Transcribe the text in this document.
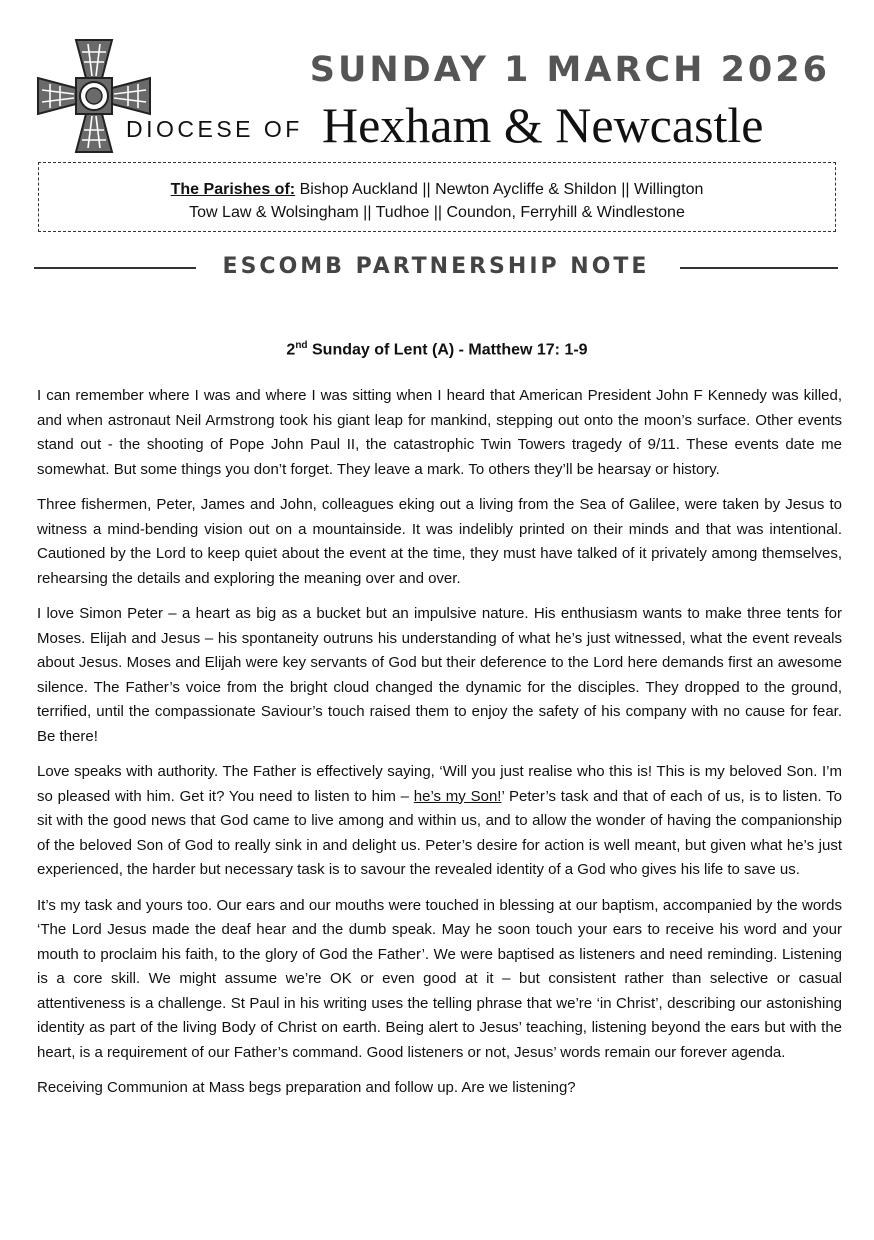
SUNDAY 1 MARCH 2026
DIOCESE OF Hexham & Newcastle
The Parishes of: Bishop Auckland || Newton Aycliffe & Shildon || Willington
Tow Law & Wolsingham || Tudhoe || Coundon, Ferryhill & Windlestone
ESCOMB PARTNERSHIP NOTE
2nd Sunday of Lent (A) - Matthew 17: 1-9

I can remember where I was and where I was sitting when I heard that American President John F Kennedy was killed, and when astronaut Neil Armstrong took his giant leap for mankind, stepping out onto the moon’s surface. Other events stand out - the shooting of Pope John Paul II, the catastrophic Twin Towers tragedy of 9/11. These events date me somewhat. But some things you don’t forget. They leave a mark. To others they’ll be hearsay or history.

Three fishermen, Peter, James and John, colleagues eking out a living from the Sea of Galilee, were taken by Jesus to witness a mind-bending vision out on a mountainside. It was indelibly printed on their minds and that was intentional. Cautioned by the Lord to keep quiet about the event at the time, they must have talked of it privately among themselves, rehearsing the details and exploring the meaning over and over.

I love Simon Peter – a heart as big as a bucket but an impulsive nature. His enthusiasm wants to make three tents for Moses. Elijah and Jesus – his spontaneity outruns his understanding of what he’s just witnessed, what the event reveals about Jesus. Moses and Elijah were key servants of God but their deference to the Lord here demands first an awesome silence. The Father’s voice from the bright cloud changed the dynamic for the disciples. They dropped to the ground, terrified, until the compassionate Saviour’s touch raised them to enjoy the safety of his company with no cause for fear. Be there!

Love speaks with authority. The Father is effectively saying, ‘Will you just realise who this is! This is my beloved Son. I’m so pleased with him. Get it? You need to listen to him – he’s my Son!’ Peter’s task and that of each of us, is to listen. To sit with the good news that God came to live among and within us, and to allow the wonder of having the companionship of the beloved Son of God to really sink in and delight us. Peter’s desire for action is well meant, but given what he’s just experienced, the harder but necessary task is to savour the revealed identity of a God who gives his life to save us.

It’s my task and yours too. Our ears and our mouths were touched in blessing at our baptism, accompanied by the words ‘The Lord Jesus made the deaf hear and the dumb speak. May he soon touch your ears to receive his word and your mouth to proclaim his faith, to the glory of God the Father’. We were baptised as listeners and need reminding. Listening is a core skill. We might assume we’re OK or even good at it – but consistent rather than selective or casual attentiveness is a challenge. St Paul in his writing uses the telling phrase that we’re ‘in Christ’, describing our astonishing identity as part of the living Body of Christ on earth. Being alert to Jesus’ teaching, listening beyond the ears but with the heart, is a requirement of our Father’s command. Good listeners or not, Jesus’ words remain our forever agenda.

Receiving Communion at Mass begs preparation and follow up. Are we listening?
